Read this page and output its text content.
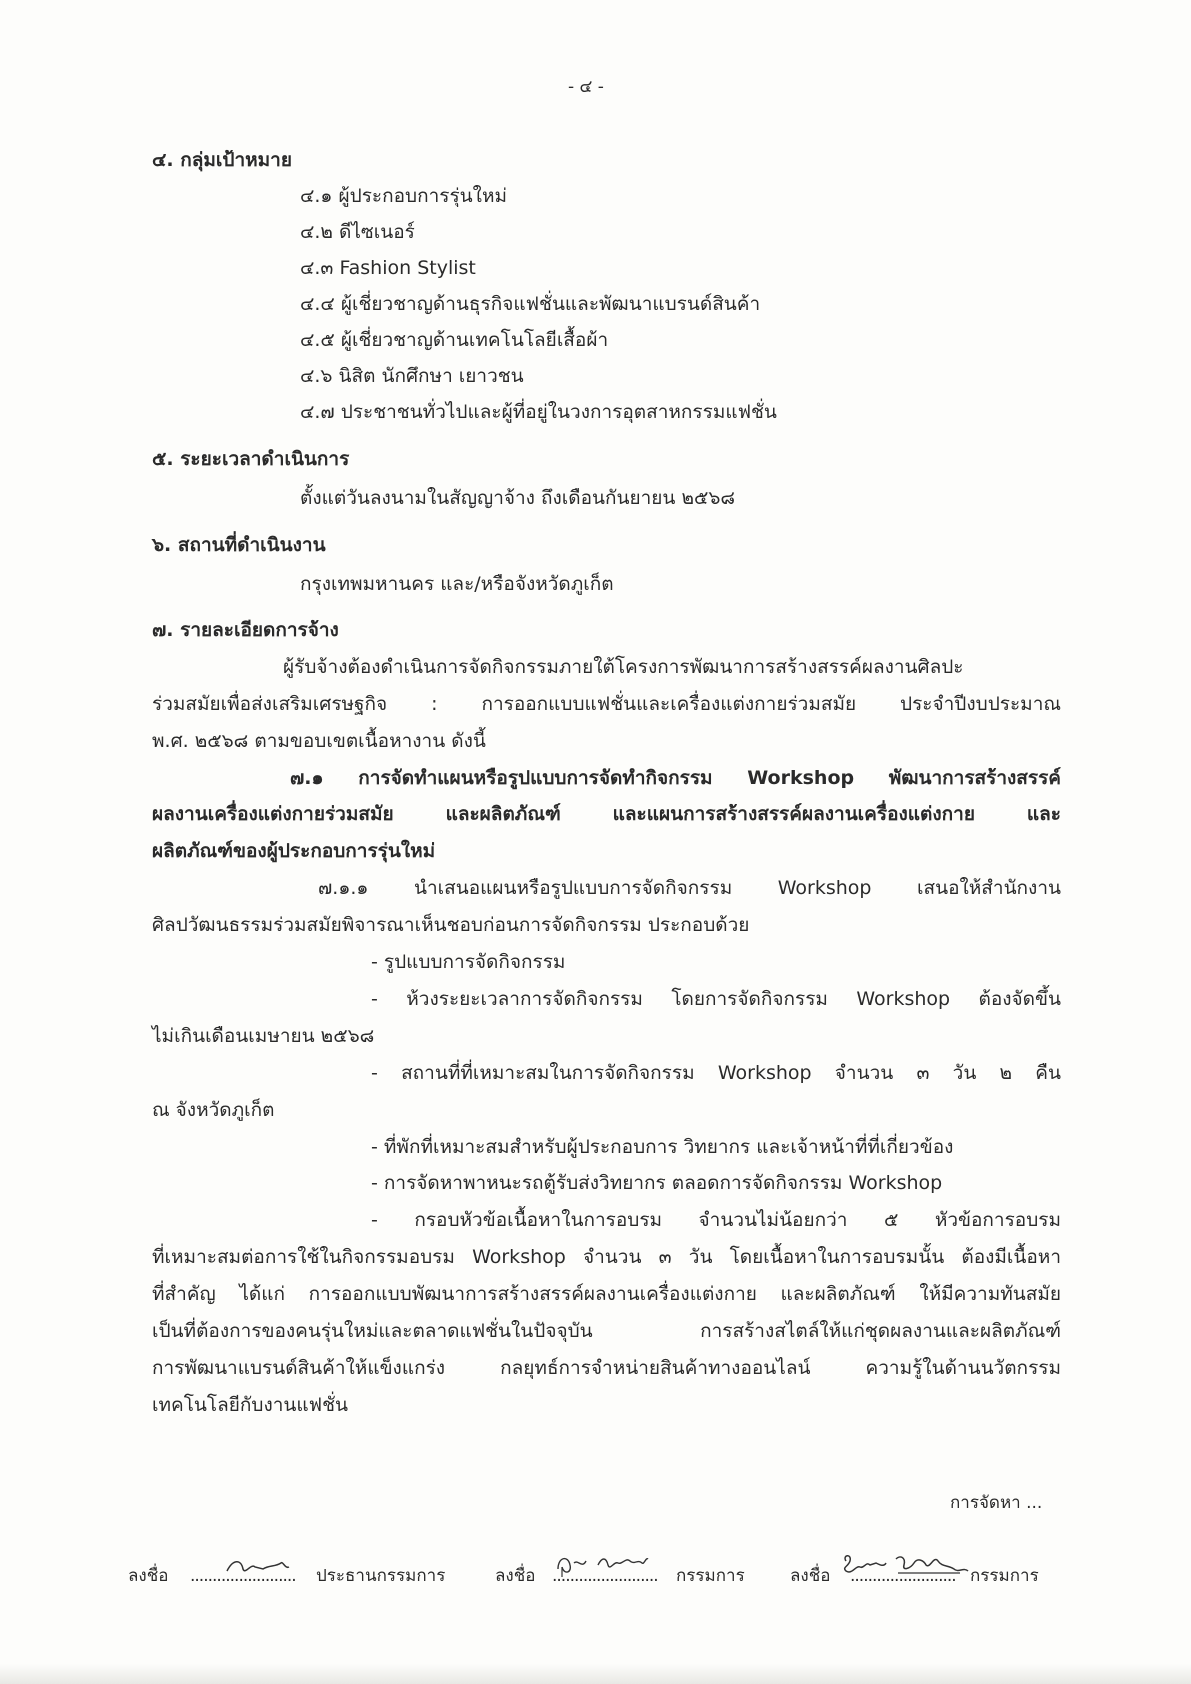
- ๔ -
๔. กลุ่มเป้าหมาย
๔.๑ ผู้ประกอบการรุ่นใหม่
๔.๒ ดีไซเนอร์
๔.๓ Fashion Stylist
๔.๔ ผู้เชี่ยวชาญด้านธุรกิจแฟชั่นและพัฒนาแบรนด์สินค้า
๔.๕ ผู้เชี่ยวชาญด้านเทคโนโลยีเสื้อผ้า
๔.๖ นิสิต นักศึกษา เยาวชน
๔.๗ ประชาชนทั่วไปและผู้ที่อยู่ในวงการอุตสาหกรรมแฟชั่น
๕. ระยะเวลาดำเนินการ
ตั้งแต่วันลงนามในสัญญาจ้าง ถึงเดือนกันยายน ๒๕๖๘
๖. สถานที่ดำเนินงาน
กรุงเทพมหานคร และ/หรือจังหวัดภูเก็ต
๗. รายละเอียดการจ้าง
ผู้รับจ้างต้องดำเนินการจัดกิจกรรมภายใต้โครงการพัฒนาการสร้างสรรค์ผลงานศิลปะ
ร่วมสมัยเพื่อส่งเสริมเศรษฐกิจ : การออกแบบแฟชั่นและเครื่องแต่งกายร่วมสมัย ประจำปีงบประมาณ
พ.ศ. ๒๕๖๘ ตามขอบเขตเนื้อหางาน ดังนี้
๗.๑ การจัดทำแผนหรือรูปแบบการจัดทำกิจกรรม Workshop พัฒนาการสร้างสรรค์
ผลงานเครื่องแต่งกายร่วมสมัย และผลิตภัณฑ์ และแผนการสร้างสรรค์ผลงานเครื่องแต่งกาย และ
ผลิตภัณฑ์ของผู้ประกอบการรุ่นใหม่
๗.๑.๑ นำเสนอแผนหรือรูปแบบการจัดกิจกรรม Workshop เสนอให้สำนักงาน
ศิลปวัฒนธรรมร่วมสมัยพิจารณาเห็นชอบก่อนการจัดกิจกรรม ประกอบด้วย
- รูปแบบการจัดกิจกรรม
- ห้วงระยะเวลาการจัดกิจกรรม โดยการจัดกิจกรรม Workshop ต้องจัดขึ้น
ไม่เกินเดือนเมษายน ๒๕๖๘
- สถานที่ที่เหมาะสมในการจัดกิจกรรม Workshop จำนวน ๓ วัน ๒ คืน
ณ จังหวัดภูเก็ต
- ที่พักที่เหมาะสมสำหรับผู้ประกอบการ วิทยากร และเจ้าหน้าที่ที่เกี่ยวข้อง
- การจัดหาพาหนะรถตู้รับส่งวิทยากร ตลอดการจัดกิจกรรม Workshop
- กรอบหัวข้อเนื้อหาในการอบรม จำนวนไม่น้อยกว่า ๕ หัวข้อการอบรม
ที่เหมาะสมต่อการใช้ในกิจกรรมอบรม Workshop จำนวน ๓ วัน โดยเนื้อหาในการอบรมนั้น ต้องมีเนื้อหา
ที่สำคัญ ได้แก่ การออกแบบพัฒนาการสร้างสรรค์ผลงานเครื่องแต่งกาย และผลิตภัณฑ์ ให้มีความทันสมัย
เป็นที่ต้องการของคนรุ่นใหม่และตลาดแฟชั่นในปัจจุบัน การสร้างสไตล์ให้แก่ชุดผลงานและผลิตภัณฑ์
การพัฒนาแบรนด์สินค้าให้แข็งแกร่ง กลยุทธ์การจำหน่ายสินค้าทางออนไลน์ ความรู้ในด้านนวัตกรรม
เทคโนโลยีกับงานแฟชั่น
การจัดหา ...
ลงชื่อ ........................ ประธานกรรมการ	ลงชื่อ ........................ กรรมการ	ลงชื่อ ........................ กรรมการ
